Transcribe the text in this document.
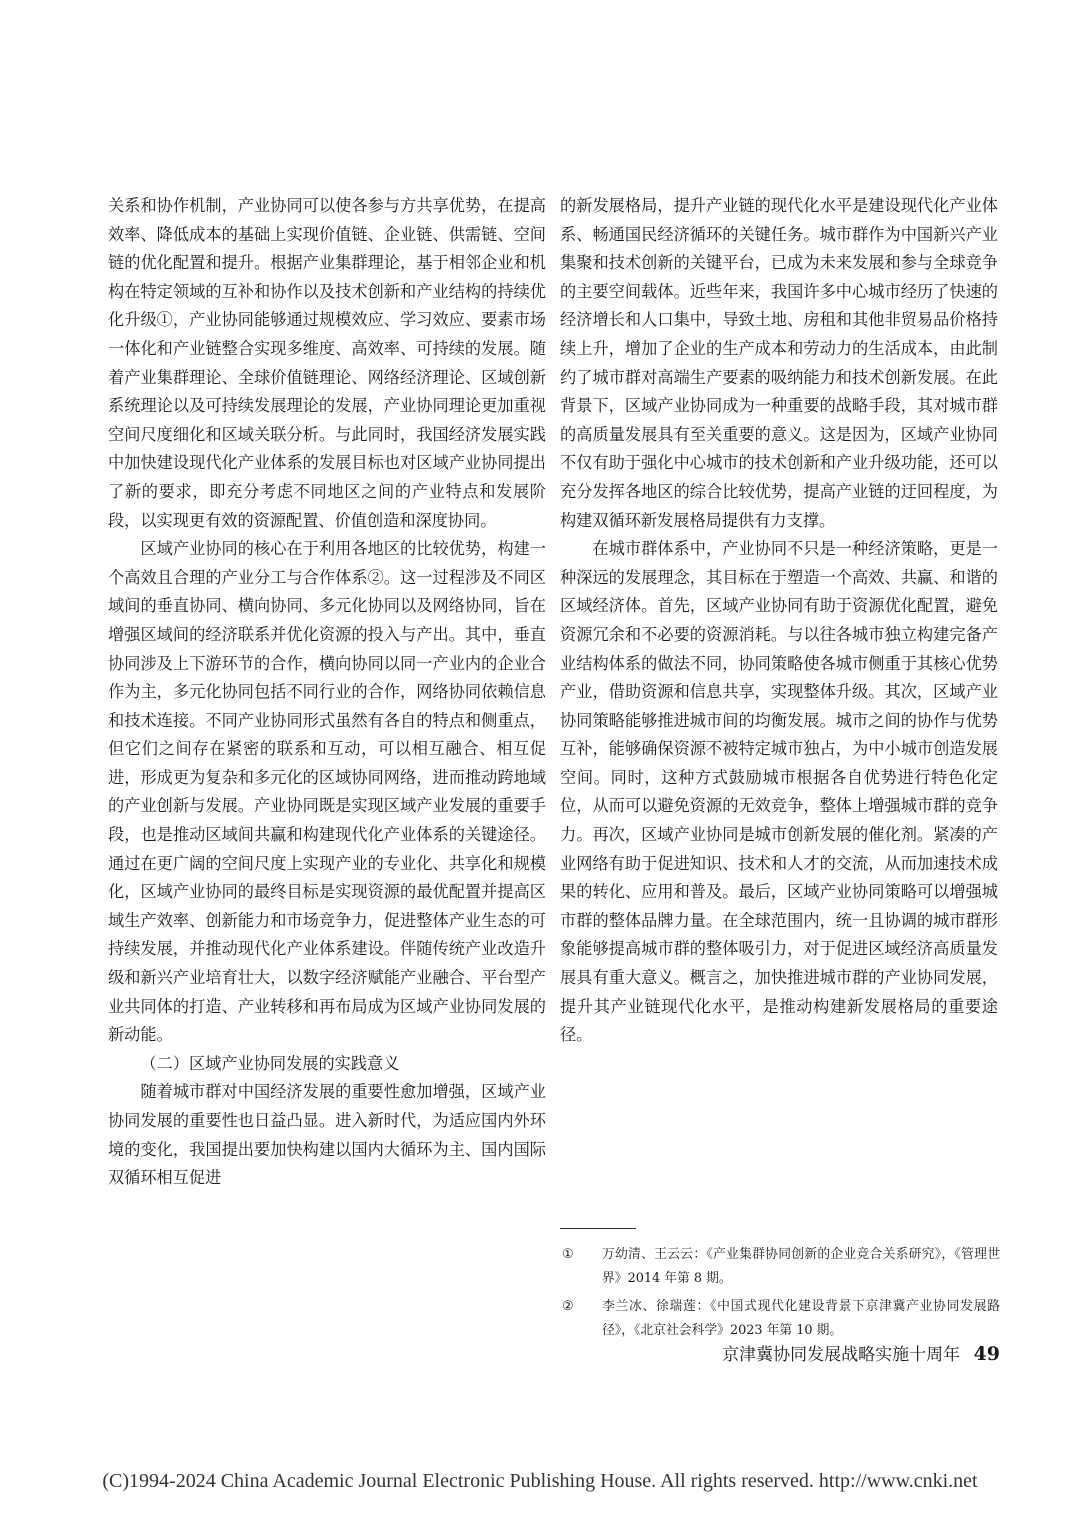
关系和协作机制，产业协同可以使各参与方共享优势，在提高效率、降低成本的基础上实现价值链、企业链、供需链、空间链的优化配置和提升。根据产业集群理论，基于相邻企业和机构在特定领域的互补和协作以及技术创新和产业结构的持续优化升级①，产业协同能够通过规模效应、学习效应、要素市场一体化和产业链整合实现多维度、高效率、可持续的发展。随着产业集群理论、全球价值链理论、网络经济理论、区域创新系统理论以及可持续发展理论的发展，产业协同理论更加重视空间尺度细化和区域关联分析。与此同时，我国经济发展实践中加快建设现代化产业体系的发展目标也对区域产业协同提出了新的要求，即充分考虑不同地区之间的产业特点和发展阶段，以实现更有效的资源配置、价值创造和深度协同。

区域产业协同的核心在于利用各地区的比较优势，构建一个高效且合理的产业分工与合作体系②。这一过程涉及不同区域间的垂直协同、横向协同、多元化协同以及网络协同，旨在增强区域间的经济联系并优化资源的投入与产出。其中，垂直协同涉及上下游环节的合作，横向协同以同一产业内的企业合作为主，多元化协同包括不同行业的合作，网络协同依赖信息和技术连接。不同产业协同形式虽然有各自的特点和侧重点，但它们之间存在紧密的联系和互动，可以相互融合、相互促进，形成更为复杂和多元化的区域协同网络，进而推动跨地域的产业创新与发展。产业协同既是实现区域产业发展的重要手段，也是推动区域间共赢和构建现代化产业体系的关键途径。通过在更广阔的空间尺度上实现产业的专业化、共享化和规模化，区域产业协同的最终目标是实现资源的最优配置并提高区域生产效率、创新能力和市场竞争力，促进整体产业生态的可持续发展，并推动现代化产业体系建设。伴随传统产业改造升级和新兴产业培育壮大，以数字经济赋能产业融合、平台型产业共同体的打造、产业转移和再布局成为区域产业协同发展的新动能。

（二）区域产业协同发展的实践意义

随着城市群对中国经济发展的重要性愈加增强，区域产业协同发展的重要性也日益凸显。进入新时代，为适应国内外环境的变化，我国提出要加快构建以国内大循环为主、国内国际双循环相互促进

的新发展格局，提升产业链的现代化水平是建设现代化产业体系、畅通国民经济循环的关键任务。城市群作为中国新兴产业集聚和技术创新的关键平台，已成为未来发展和参与全球竞争的主要空间载体。近些年来，我国许多中心城市经历了快速的经济增长和人口集中，导致土地、房租和其他非贸易品价格持续上升，增加了企业的生产成本和劳动力的生活成本，由此制约了城市群对高端生产要素的吸纳能力和技术创新发展。在此背景下，区域产业协同成为一种重要的战略手段，其对城市群的高质量发展具有至关重要的意义。这是因为，区域产业协同不仅有助于强化中心城市的技术创新和产业升级功能，还可以充分发挥各地区的综合比较优势，提高产业链的迂回程度，为构建双循环新发展格局提供有力支撑。

在城市群体系中，产业协同不只是一种经济策略，更是一种深远的发展理念，其目标在于塑造一个高效、共赢、和谐的区域经济体。首先，区域产业协同有助于资源优化配置，避免资源冗余和不必要的资源消耗。与以往各城市独立构建完备产业结构体系的做法不同，协同策略使各城市侧重于其核心优势产业，借助资源和信息共享，实现整体升级。其次，区域产业协同策略能够推进城市间的均衡发展。城市之间的协作与优势互补，能够确保资源不被特定城市独占，为中小城市创造发展空间。同时，这种方式鼓励城市根据各自优势进行特色化定位，从而可以避免资源的无效竞争，整体上增强城市群的竞争力。再次，区域产业协同是城市创新发展的催化剂。紧凑的产业网络有助于促进知识、技术和人才的交流，从而加速技术成果的转化、应用和普及。最后，区域产业协同策略可以增强城市群的整体品牌力量。在全球范围内，统一且协调的城市群形象能够提高城市群的整体吸引力，对于促进区域经济高质量发展具有重大意义。概言之，加快推进城市群的产业协同发展，提升其产业链现代化水平，是推动构建新发展格局的重要途径。

① 万幼清、王云云：《产业集群协同创新的企业竞合关系研究》，《管理世界》2014 年第 8 期。
② 李兰冰、徐瑞莲：《中国式现代化建设背景下京津冀产业协同发展路径》，《北京社会科学》2023 年第 10 期。
京津冀协同发展战略实施十周年 49
(C)1994-2024 China Academic Journal Electronic Publishing House. All rights reserved. http://www.cnki.net
